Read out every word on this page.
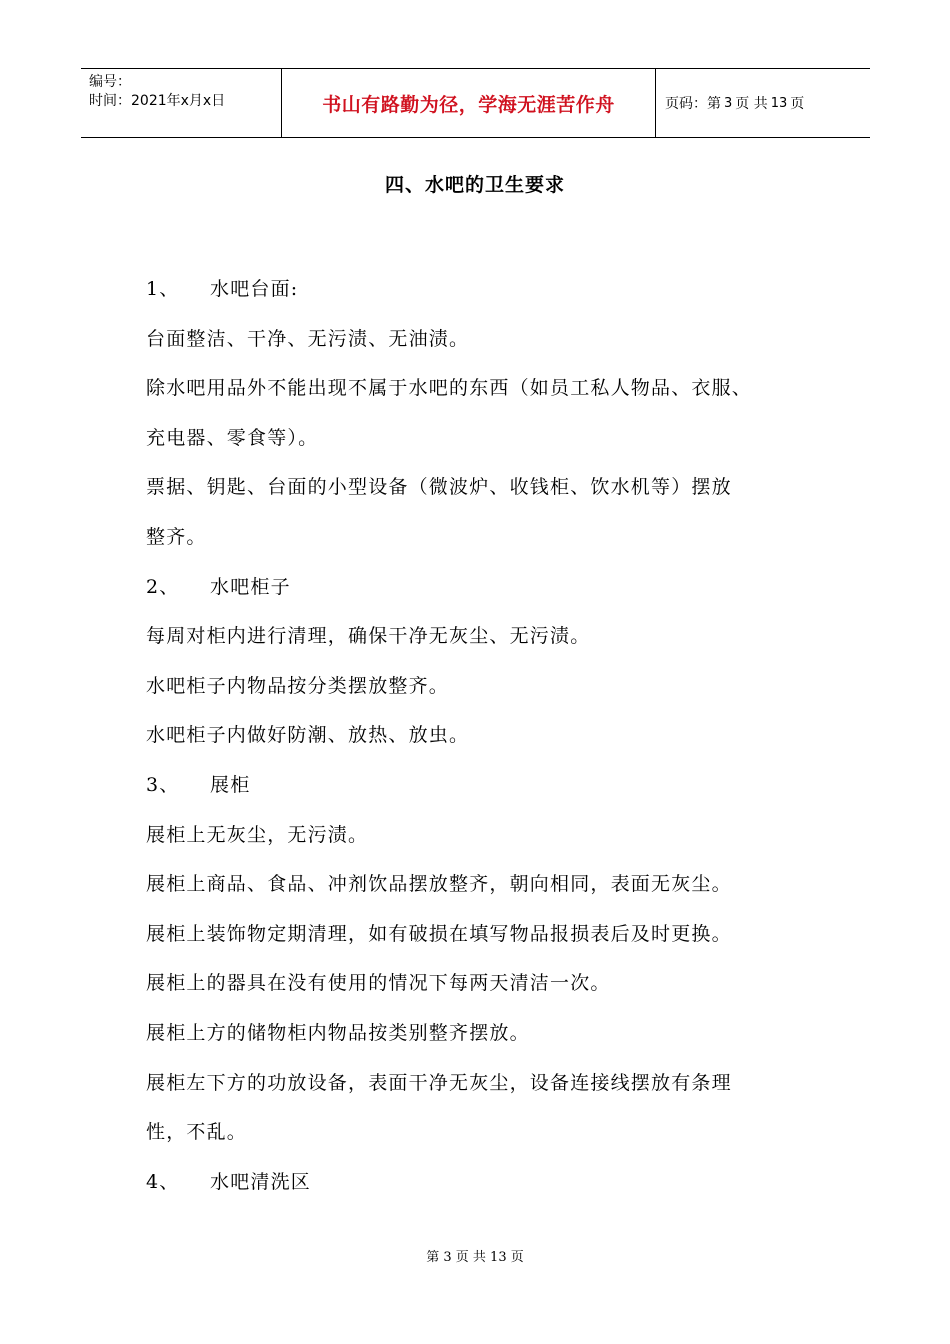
编号：
时间：2021年x月x日	书山有路勤为径，学海无涯苦作舟	页码：第 3 页 共 13 页
四、水吧的卫生要求
1、 水吧台面:
台面整洁、干净、无污渍、无油渍。
除水吧用品外不能出现不属于水吧的东西（如员工私人物品、衣服、
充电器、零食等）。
票据、钥匙、台面的小型设备（微波炉、收钱柜、饮水机等）摆放
整齐。
2、 水吧柜子
每周对柜内进行清理，确保干净无灰尘、无污渍。
水吧柜子内物品按分类摆放整齐。
水吧柜子内做好防潮、放热、放虫。
3、 展柜
展柜上无灰尘，无污渍。
展柜上商品、食品、冲剂饮品摆放整齐，朝向相同，表面无灰尘。
展柜上装饰物定期清理，如有破损在填写物品报损表后及时更换。
展柜上的器具在没有使用的情况下每两天清洁一次。
展柜上方的储物柜内物品按类别整齐摆放。
展柜左下方的功放设备，表面干净无灰尘，设备连接线摆放有条理
性，不乱。
4、 水吧清洗区
第 3 页 共 13 页
